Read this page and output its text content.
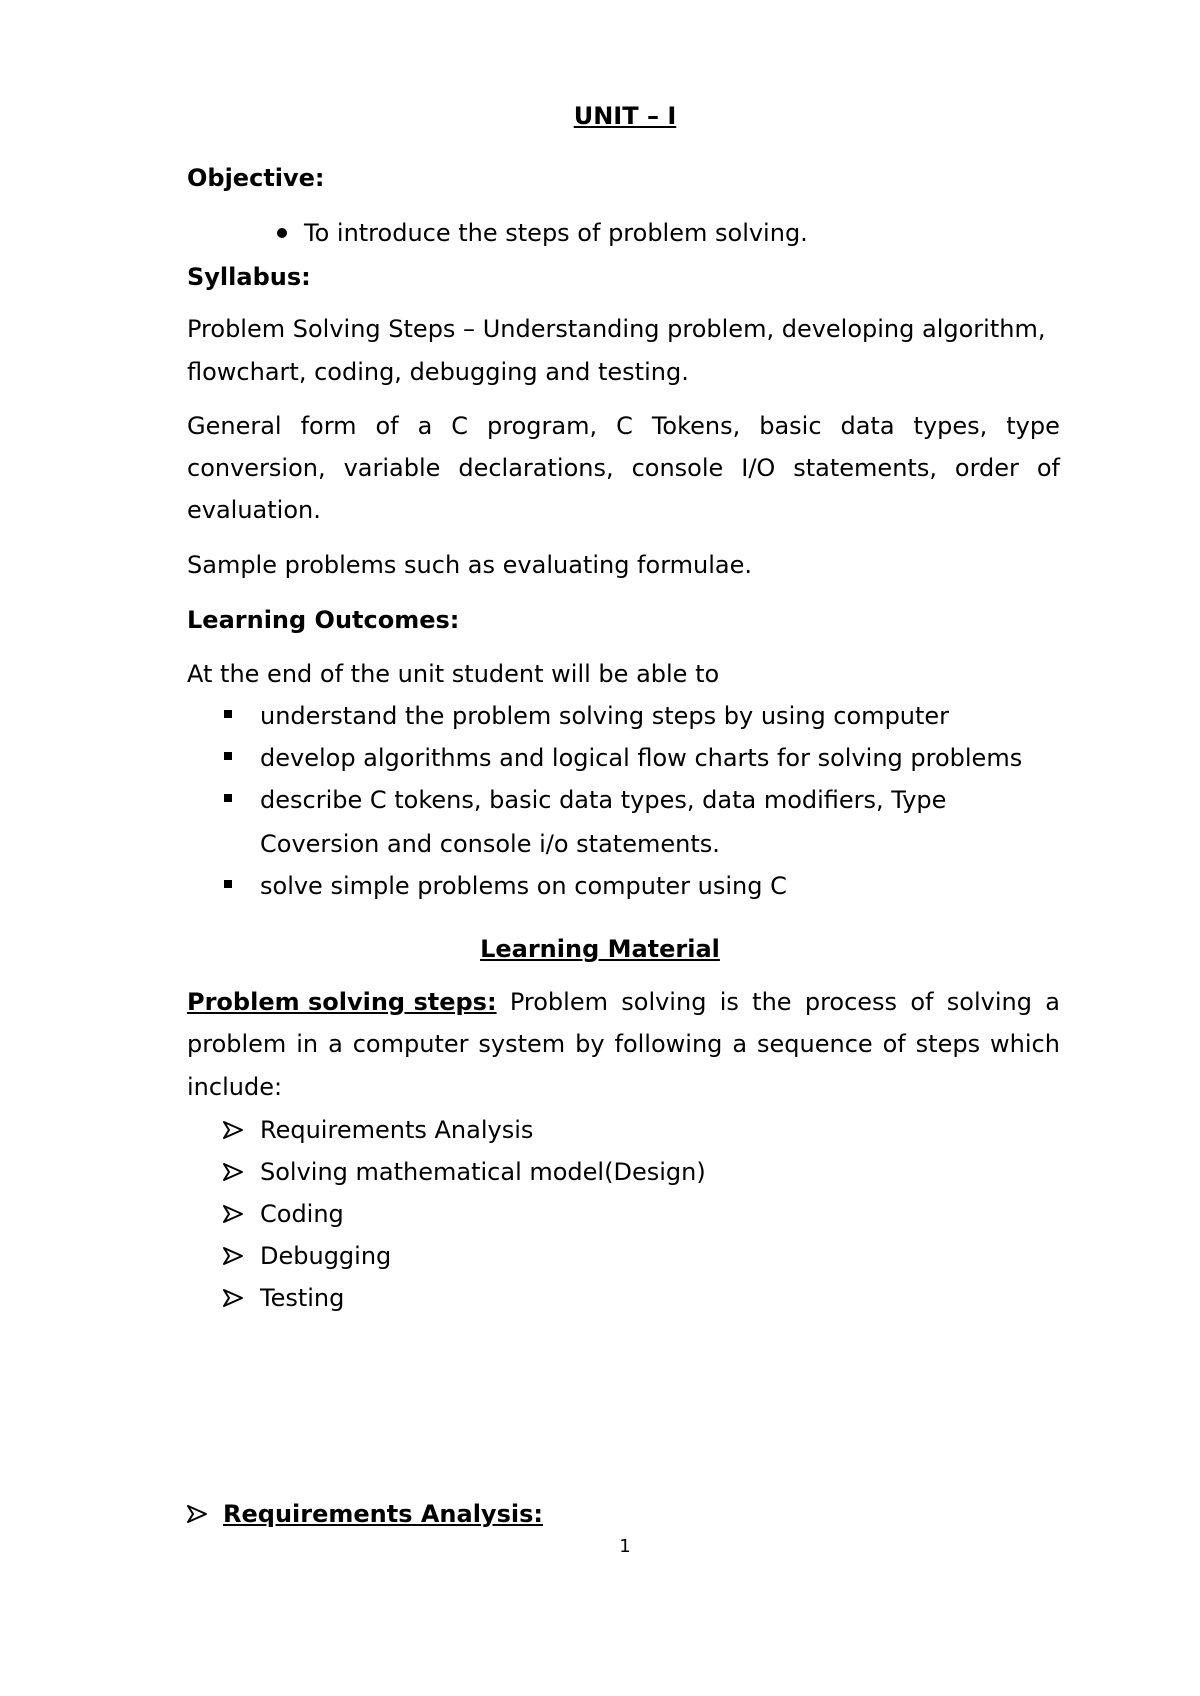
UNIT – I
Objective:
To introduce the steps of problem solving.
Syllabus:
Problem Solving Steps – Understanding problem, developing algorithm,
flowchart, coding, debugging and testing.
General form of a C program, C Tokens, basic data types, type
conversion, variable declarations, console I/O statements, order of
evaluation.
Sample problems such as evaluating formulae.
Learning Outcomes:
At the end of the unit student will be able to
understand the problem solving steps by using computer
develop algorithms and logical flow charts for solving problems
describe C tokens, basic data types, data modifiers, Type
Coversion and console i/o statements.
solve simple problems on computer using C
Learning Material
Problem solving steps: Problem solving is the process of solving a
problem in a computer system by following a sequence of steps which
include:
Requirements Analysis
Solving mathematical model(Design)
Coding
Debugging
Testing
Requirements Analysis:
1
